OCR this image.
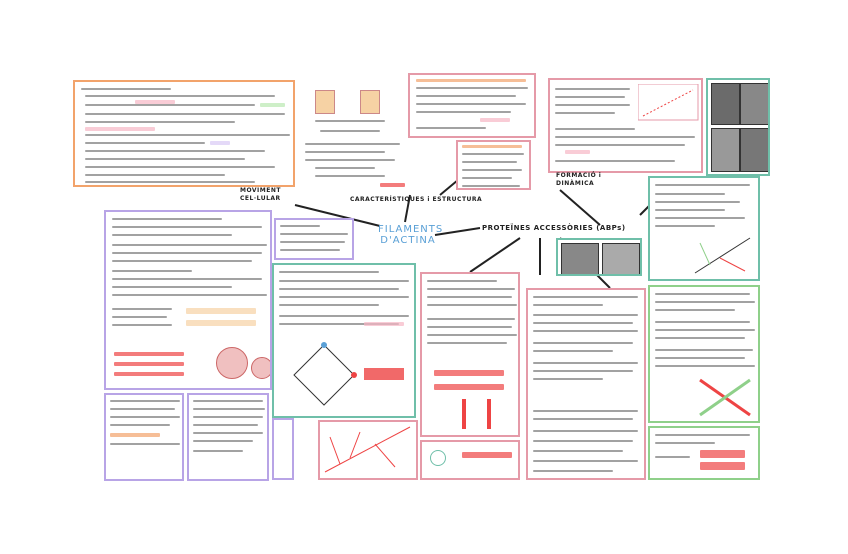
MOVIMENT CEL·LULAR	CARACTERÍSTIQUES i ESTRUCTURA
PROTEÏNES ACCESSÒRIES (ABPs)
FORMACIÓ i DINÀMICA
FILAMENTS
D'ACTINA
